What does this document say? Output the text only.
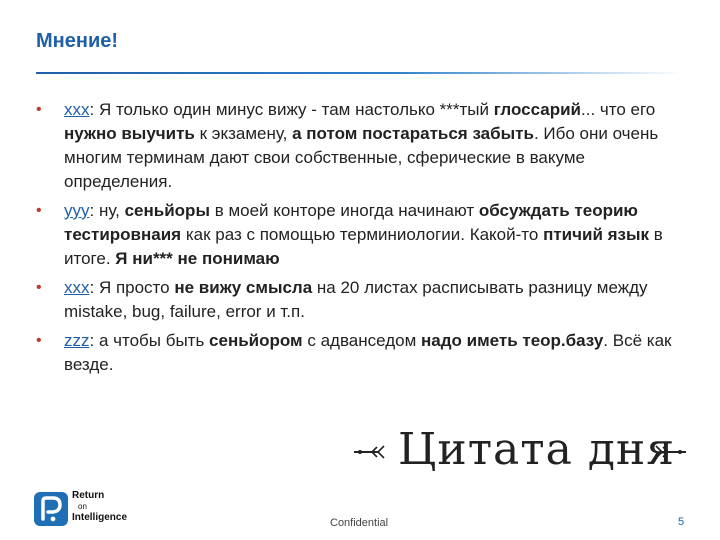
Мнение!
• xxx: Я только один минус вижу - там настолько ***тый глоссарий... что его нужно выучить к экзамену, а потом постараться забыть. Ибо они очень многим терминам дают свои собственные, сферические в вакуме определения.
• yyy: ну, сеньйоры в моей конторе иногда начинают обсуждать теорию тестировнаия как раз с помощью терминиологии. Какой-то птичий язык в итоге. Я ни*** не понимаю
• xxx: Я просто не вижу смысла на 20 листах расписывать разницу между mistake, bug, failure, error и т.п.
• zzz: а чтобы быть сеньйором с адванседом надо иметь теор.базу. Всё как везде.
Цитата дня
Return
on
Intelligence	Confidential	5
